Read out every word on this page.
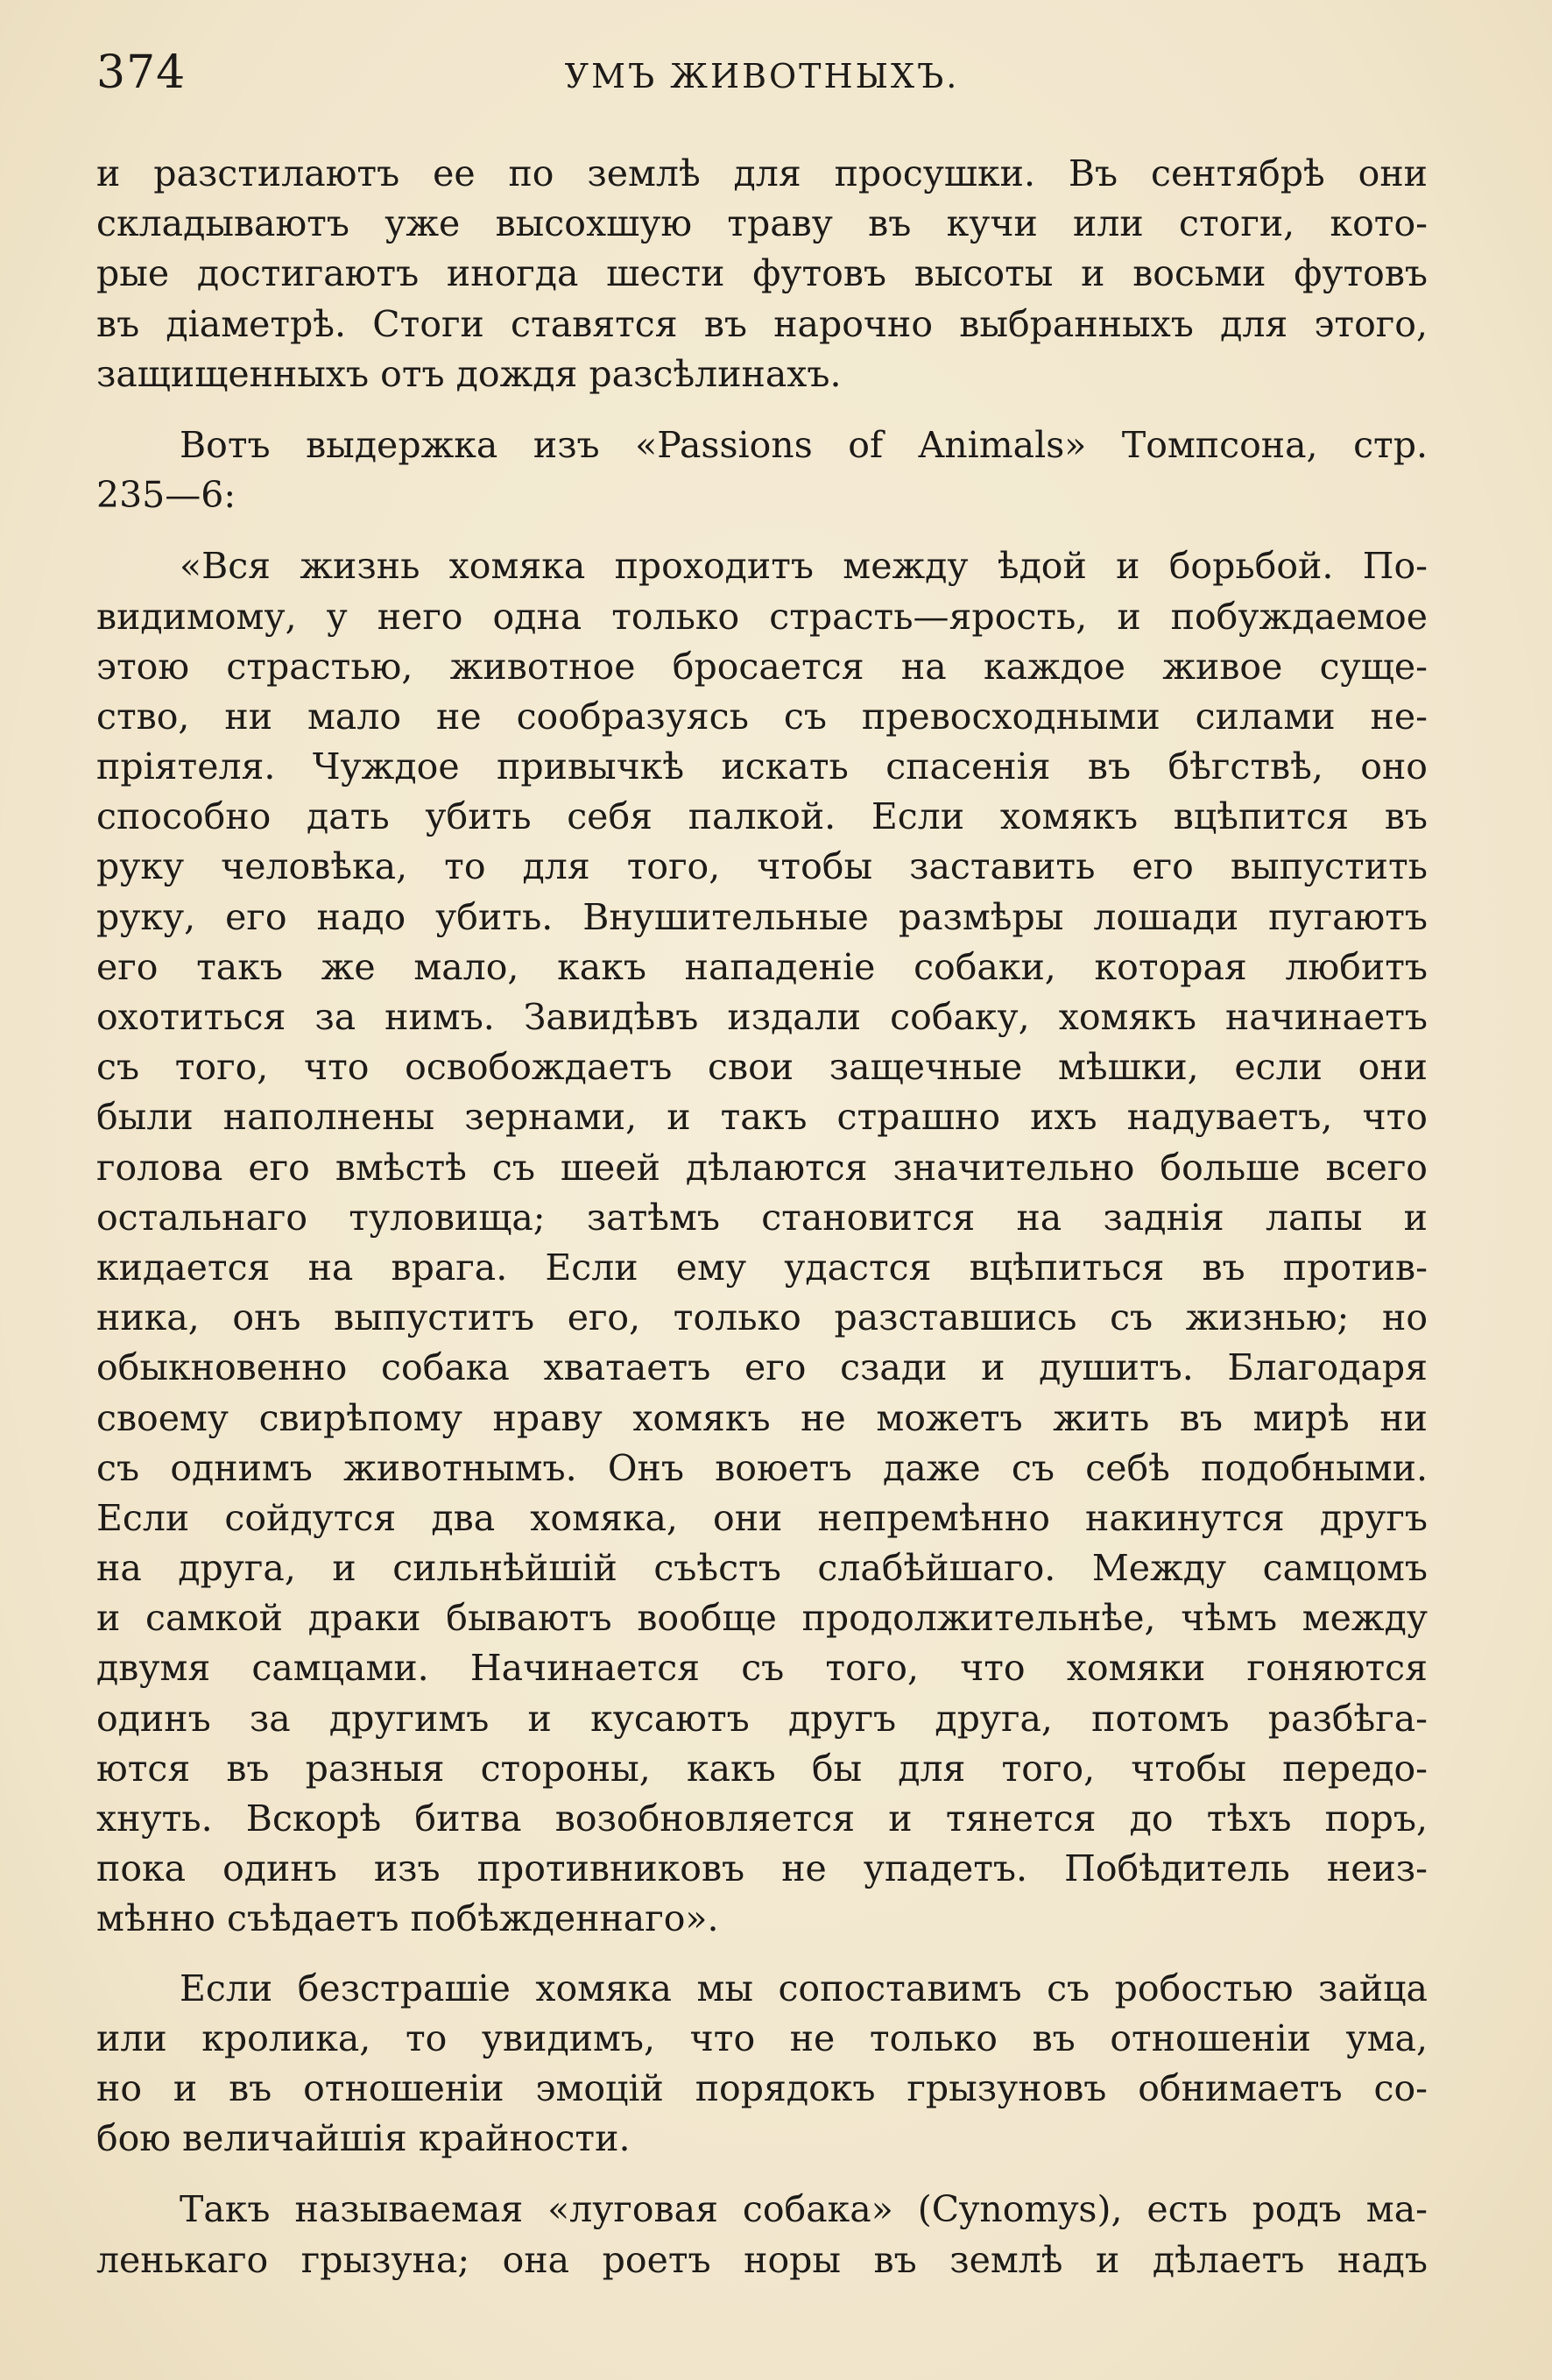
374	УМЪ ЖИВОТНЫХЪ.
и разстилаютъ ее по землѣ для просушки. Въ сентябрѣ они
складываютъ уже высохшую траву въ кучи или стоги, кото-
рые достигаютъ иногда шести футовъ высоты и восьми футовъ
въ діаметрѣ. Стоги ставятся въ нарочно выбранныхъ для этого,
защищенныхъ отъ дождя разсѣлинахъ.
Вотъ выдержка изъ «Passions of Animals» Томпсона, стр.
235—6:
«Вся жизнь хомяка проходитъ между ѣдой и борьбой. По-
видимому, у него одна только страсть—ярость, и побуждаемое
этою страстью, животное бросается на каждое живое суще-
ство, ни мало не сообразуясь съ превосходными силами не-
пріятеля. Чуждое привычкѣ искать спасенія въ бѣгствѣ, оно
способно дать убить себя палкой. Если хомякъ вцѣпится въ
руку человѣка, то для того, чтобы заставить его выпустить
руку, его надо убить. Внушительные размѣры лошади пугаютъ
его такъ же мало, какъ нападеніе собаки, которая любитъ
охотиться за нимъ. Завидѣвъ издали собаку, хомякъ начинаетъ
съ того, что освобождаетъ свои защечные мѣшки, если они
были наполнены зернами, и такъ страшно ихъ надуваетъ, что
голова его вмѣстѣ съ шеей дѣлаются значительно больше всего
остальнаго туловища; затѣмъ становится на заднія лапы и
кидается на врага. Если ему удастся вцѣпиться въ против-
ника, онъ выпуститъ его, только разставшись съ жизнью; но
обыкновенно собака хватаетъ его сзади и душитъ. Благодаря
своему свирѣпому нраву хомякъ не можетъ жить въ мирѣ ни
съ однимъ животнымъ. Онъ воюетъ даже съ себѣ подобными.
Если сойдутся два хомяка, они непремѣнно накинутся другъ
на друга, и сильнѣйшій съѣстъ слабѣйшаго. Между самцомъ
и самкой драки бываютъ вообще продолжительнѣе, чѣмъ между
двумя самцами. Начинается съ того, что хомяки гоняются
одинъ за другимъ и кусаютъ другъ друга, потомъ разбѣга-
ются въ разныя стороны, какъ бы для того, чтобы передо-
хнуть. Вскорѣ битва возобновляется и тянется до тѣхъ поръ,
пока одинъ изъ противниковъ не упадетъ. Побѣдитель неиз-
мѣнно съѣдаетъ побѣжденнаго».
Если безстрашіе хомяка мы сопоставимъ съ робостью зайца
или кролика, то увидимъ, что не только въ отношеніи ума,
но и въ отношеніи эмоцій порядокъ грызуновъ обнимаетъ со-
бою величайшія крайности.
Такъ называемая «луговая собака» (Cynomys), есть родъ ма-
ленькаго грызуна; она роетъ норы въ землѣ и дѣлаетъ надъ
